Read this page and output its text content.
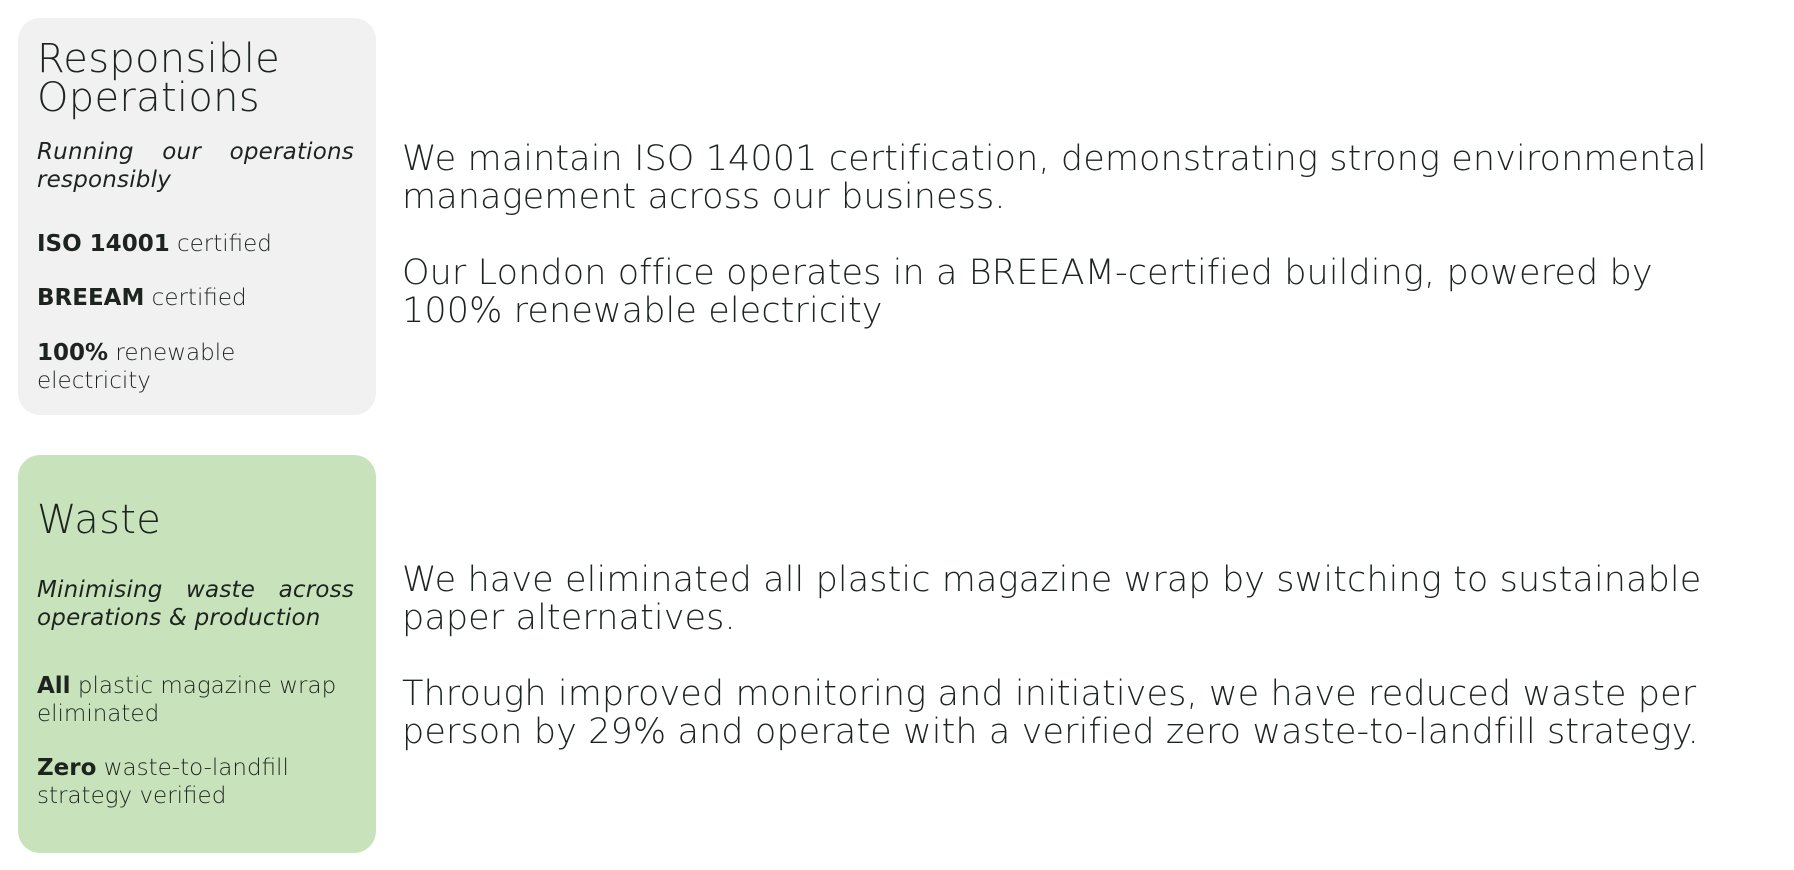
Responsible Operations

Running our operations responsibly

ISO 14001 certified

BREEAM certified

100% renewable electricity

We maintain ISO 14001 certification, demonstrating strong environmental management across our business.

Our London office operates in a BREEAM-certified building, powered by 100% renewable electricity

Waste

Minimising waste across operations & production

All plastic magazine wrap eliminated

Zero waste-to-landfill strategy verified

We have eliminated all plastic magazine wrap by switching to sustainable paper alternatives.

Through improved monitoring and initiatives, we have reduced waste per person by 29% and operate with a verified zero waste-to-landfill strategy.
